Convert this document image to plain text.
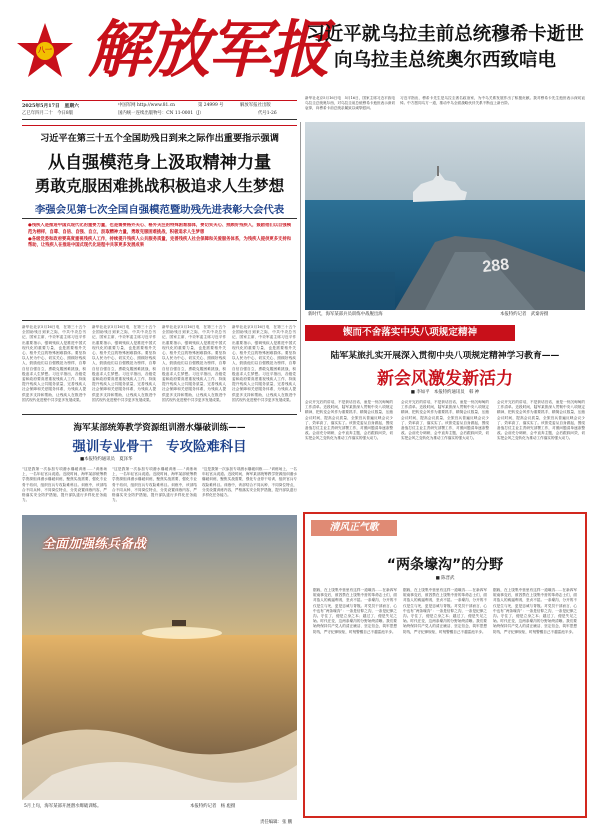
八一 解放军报
2025年5月17日　星期六
乙巳年四月二十　今日8版
中国军网 http://www.81.cn	第 24999 号	解放军报社出版
国内统一连续出版物号：CN 11-0001（J）	代号1-26
习近平就乌拉圭前总统穆希卡逝世
向乌拉圭总统奥尔西致唁电
新华社北京5月16日电　5月16日，国家主席习近平致电乌拉圭总统奥尔西，对乌拉圭前总统穆希卡逝世表示深切哀悼，向穆希卡前总统亲属致以诚挚慰问。
习近平指出，穆希卡先生是乌拉圭著名政治家，为中乌关系发展作出了积极贡献。我对穆希卡先生逝世表示深切哀悼。中方愿同乌方一道，推动中乌全面战略伙伴关系不断迈上新台阶。
288
新时代，海军某部兵员训练中战舰出海	本报特约记者　武秦涛摄
习近平在第三十五个全国助残日到来之际作出重要指示强调
从自强模范身上汲取精神力量
勇敢克服困难挑战积极追求人生梦想
李强会见第七次全国自强模范暨助残先进表彰大会代表
●残疾人是推进中国式现代化的重要力量，也是需要格外关心、格外关注的特殊困难群体，要切实关心、照顾好残疾人，鼓励他们以自强模范为榜样，自尊、自信、自强、自立，汲取精神力量，勇敢克服困难挑战，积极追求人生梦想
●各级党委和政府要高度重视残疾人工作，持续提升残疾人公共服务质量，完善残疾人社会保障和关爱服务体系，为残疾人提供更多支持和帮助，让残疾人在推进中国式现代化进程中共享更多发展成果
新华社北京5月16日电　在第三十五个全国助残日到来之际，中共中央总书记、国家主席、中央军委主席习近平作出重要指示，强调残疾人是推进中国式现代化的重要力量，也是需要格外关心、格外关注的特殊困难群体。要坚持以人民为中心，切实关心、照顾好残疾人，鼓励他们以自强模范为榜样，自尊自信自强自立，勇敢克服困难挑战，积极追求人生梦想。习近平指出，各级党委和政府要高度重视残疾人工作，持续提升残疾人公共服务质量，完善残疾人社会保障和关爱服务体系，为残疾人提供更多支持和帮助，让残疾人在推进中国式现代化进程中共享更多发展成果。
新华社北京5月16日电　在第三十五个全国助残日到来之际，中共中央总书记、国家主席、中央军委主席习近平作出重要指示，强调残疾人是推进中国式现代化的重要力量，也是需要格外关心、格外关注的特殊困难群体。要坚持以人民为中心，切实关心、照顾好残疾人，鼓励他们以自强模范为榜样，自尊自信自强自立，勇敢克服困难挑战，积极追求人生梦想。习近平指出，各级党委和政府要高度重视残疾人工作，持续提升残疾人公共服务质量，完善残疾人社会保障和关爱服务体系，为残疾人提供更多支持和帮助，让残疾人在推进中国式现代化进程中共享更多发展成果。
新华社北京5月16日电　在第三十五个全国助残日到来之际，中共中央总书记、国家主席、中央军委主席习近平作出重要指示，强调残疾人是推进中国式现代化的重要力量，也是需要格外关心、格外关注的特殊困难群体。要坚持以人民为中心，切实关心、照顾好残疾人，鼓励他们以自强模范为榜样，自尊自信自强自立，勇敢克服困难挑战，积极追求人生梦想。习近平指出，各级党委和政府要高度重视残疾人工作，持续提升残疾人公共服务质量，完善残疾人社会保障和关爱服务体系，为残疾人提供更多支持和帮助，让残疾人在推进中国式现代化进程中共享更多发展成果。
新华社北京5月16日电　在第三十五个全国助残日到来之际，中共中央总书记、国家主席、中央军委主席习近平作出重要指示，强调残疾人是推进中国式现代化的重要力量，也是需要格外关心、格外关注的特殊困难群体。要坚持以人民为中心，切实关心、照顾好残疾人，鼓励他们以自强模范为榜样，自尊自信自强自立，勇敢克服困难挑战，积极追求人生梦想。习近平指出，各级党委和政府要高度重视残疾人工作，持续提升残疾人公共服务质量，完善残疾人社会保障和关爱服务体系，为残疾人提供更多支持和帮助，让残疾人在推进中国式现代化进程中共享更多发展成果。
锲而不舍落实中央八项规定精神
陆军某旅扎实开展深入贯彻中央八项规定精神学习教育——
新会风激发新活力
■ 李如平　本报特约通讯员　韩 神
会议开完后的讲话，不是套话官话，而是一份沉甸甸的工作清单。近段时间，陆军某旅深入贯彻中央八项规定精神，把转变会风作为重要抓手，精简会议数量，压缩会议时间，提高会议质量，全旅官兵普遍反映会议少了、效率高了、落实实了。该旅党委从自身做起，围绕备战打仗主业主责研究部署工作，对照问题清单逐条整改。会前充分调研，会中直奔主题，会后跟踪问效，切实把会风之变转化为推动工作落实的强大动力。
会议开完后的讲话，不是套话官话，而是一份沉甸甸的工作清单。近段时间，陆军某旅深入贯彻中央八项规定精神，把转变会风作为重要抓手，精简会议数量，压缩会议时间，提高会议质量，全旅官兵普遍反映会议少了、效率高了、落实实了。该旅党委从自身做起，围绕备战打仗主业主责研究部署工作，对照问题清单逐条整改。会前充分调研，会中直奔主题，会后跟踪问效，切实把会风之变转化为推动工作落实的强大动力。
会议开完后的讲话，不是套话官话，而是一份沉甸甸的工作清单。近段时间，陆军某旅深入贯彻中央八项规定精神，把转变会风作为重要抓手，精简会议数量，压缩会议时间，提高会议质量，全旅官兵普遍反映会议少了、效率高了、落实实了。该旅党委从自身做起，围绕备战打仗主业主责研究部署工作，对照问题清单逐条整改。会前充分调研，会中直奔主题，会后跟踪问效，切实把会风之变转化为推动工作落实的强大动力。
海军某部统筹教学资源组训潜水爆破训练——
强训专业骨干　专攻险难科目
■本报特约通讯员　夏泽华
"这是我第一次参加专项潜水爆破训练……"训练场上，一名年轻官兵说道。近段时间，海军某部统筹教学资源组训潜水爆破训练，聚焦实战需要，强化专业骨干培训，组织官兵专攻险难科目。训练中，该部结合不同兵种、不同岗位特点，分类设置训练内容，严格落实安全防护措施，提升部队遂行多样化任务能力。
"这是我第一次参加专项潜水爆破训练……"训练场上，一名年轻官兵说道。近段时间，海军某部统筹教学资源组训潜水爆破训练，聚焦实战需要，强化专业骨干培训，组织官兵专攻险难科目。训练中，该部结合不同兵种、不同岗位特点，分类设置训练内容，严格落实安全防护措施，提升部队遂行多样化任务能力。
"这是我第一次参加专项潜水爆破训练……"训练场上，一名年轻官兵说道。近段时间，海军某部统筹教学资源组训潜水爆破训练，聚焦实战需要，强化专业骨干培训，组织官兵专攻险难科目。训练中，该部结合不同兵种、不同岗位特点，分类设置训练内容，严格落实安全防护措施，提升部队遂行多样化任务能力。
全面加强练兵备战
5月上旬，海军某部开展潜水爆破训练。	本报特约记者　杨 彪摄
责任编辑：张 鹏
清风正气歌
“两条壕沟”的分野
■ 陈晋武
据载，在上饶集中营里有这样一道壕沟……在新四军皖南事变后，被囚禁在上饶集中营的革命志士们，面对敌人的威逼利诱，坚贞不屈。一条壕沟，分开的不仅是生与死，更是忠诚与背叛。对党员干部而言，心中也有“两条壕沟”：一条是信仰之沟，一条是纪律之沟。守住了，便是立身之本；越过了，便是失足之始。时代在变，这两条壕沟的分野始终清晰。我们要始终保持共产党人的清正廉洁、坚定信念，筑牢思想防线，严守纪律规矩，时刻警醒自己不越雷池半步。
据载，在上饶集中营里有这样一道壕沟……在新四军皖南事变后，被囚禁在上饶集中营的革命志士们，面对敌人的威逼利诱，坚贞不屈。一条壕沟，分开的不仅是生与死，更是忠诚与背叛。对党员干部而言，心中也有“两条壕沟”：一条是信仰之沟，一条是纪律之沟。守住了，便是立身之本；越过了，便是失足之始。时代在变，这两条壕沟的分野始终清晰。我们要始终保持共产党人的清正廉洁、坚定信念，筑牢思想防线，严守纪律规矩，时刻警醒自己不越雷池半步。
据载，在上饶集中营里有这样一道壕沟……在新四军皖南事变后，被囚禁在上饶集中营的革命志士们，面对敌人的威逼利诱，坚贞不屈。一条壕沟，分开的不仅是生与死，更是忠诚与背叛。对党员干部而言，心中也有“两条壕沟”：一条是信仰之沟，一条是纪律之沟。守住了，便是立身之本；越过了，便是失足之始。时代在变，这两条壕沟的分野始终清晰。我们要始终保持共产党人的清正廉洁、坚定信念，筑牢思想防线，严守纪律规矩，时刻警醒自己不越雷池半步。
